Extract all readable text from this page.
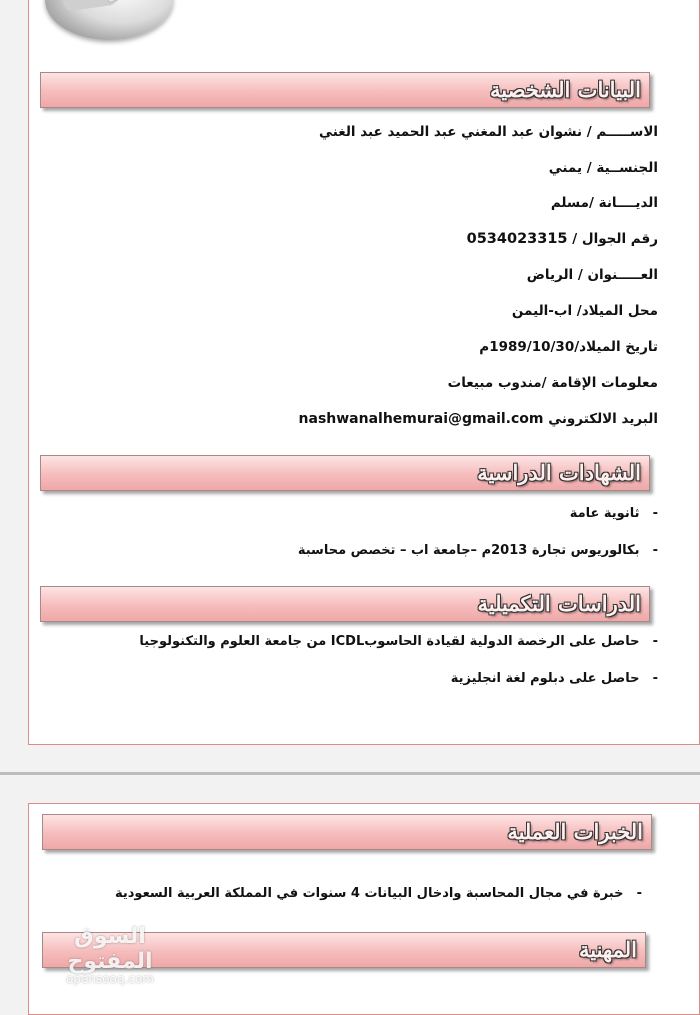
البيانات الشخصية
الاســـــم / نشوان عبد المغني عبد الحميد عبد الغني
الجنســية / يمني
الديــــانة /مسلم
رقم الجوال / 0534023315
العـــــنوان / الرياض
محل الميلاد/ اب-اليمن
تاريخ الميلاد/1989/10/30م
معلومات الإقامة /مندوب مبيعات
البريد الالكتروني nashwanalhemurai@gmail.com
الشهادات الدراسية
- ثانوية عامة
- بكالوريوس تجارة 2013م –جامعة اب – تخصص محاسبة
الدراسات التكميلية
- حاصل على الرخصة الدولية لقيادة الحاسوبICDL من جامعة العلوم والتكنولوجيا
- حاصل على دبلوم لغة انجليزية
الخبرات العملية
- خبرة في مجال المحاسبة وادخال البيانات 4 سنوات في المملكة العربية السعودية
المهنية
السوق المفتوح
opensooq.com
